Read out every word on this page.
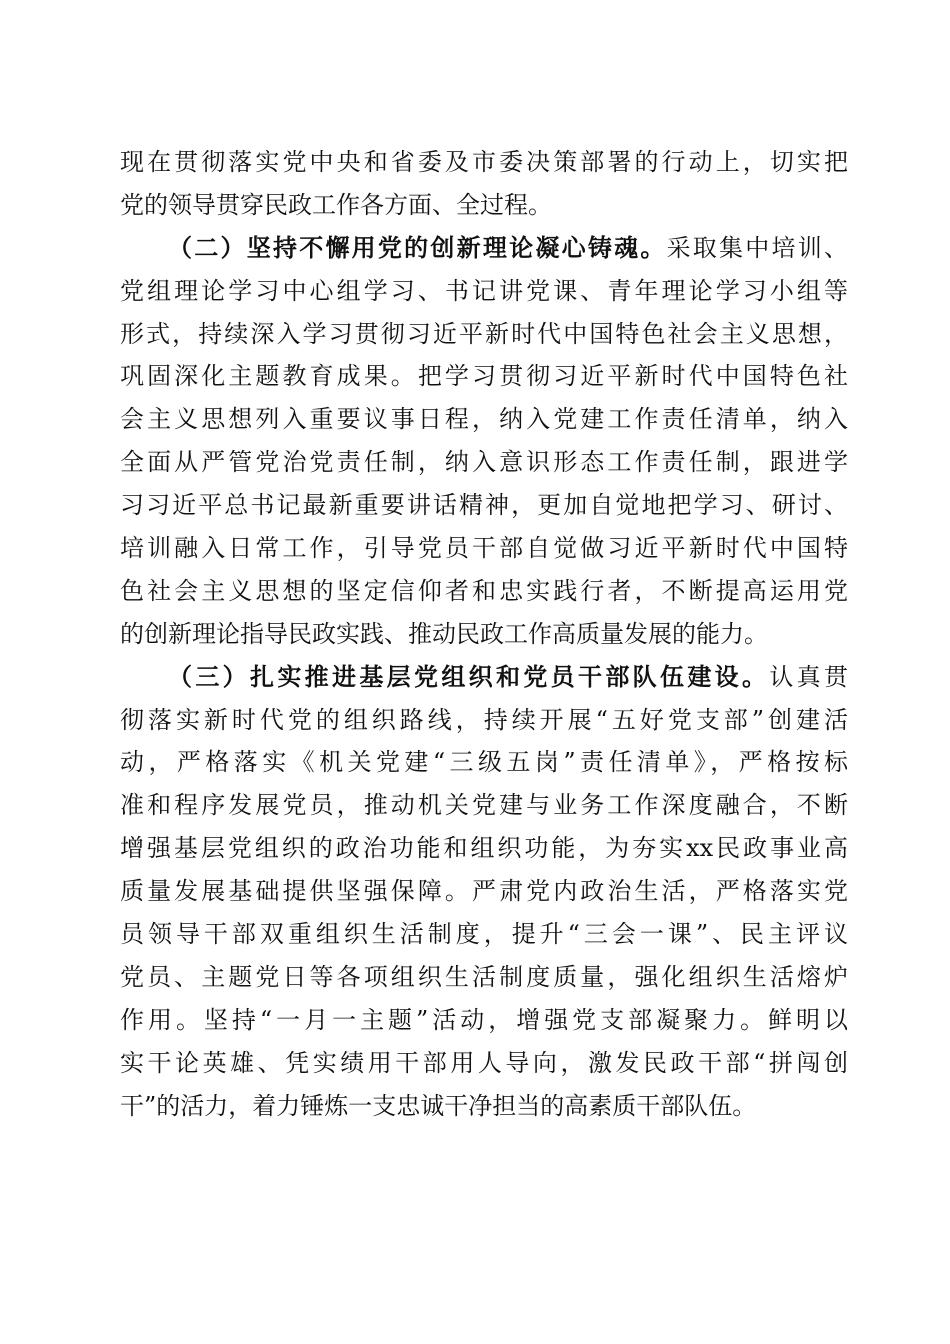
现在贯彻落实党中央和省委及市委决策部署的行动上，切实把
党的领导贯穿民政工作各方面、全过程。
（二）坚持不懈用党的创新理论凝心铸魂。采取集中培训、
党组理论学习中心组学习、书记讲党课、青年理论学习小组等
形式，持续深入学习贯彻习近平新时代中国特色社会主义思想，
巩固深化主题教育成果。把学习贯彻习近平新时代中国特色社
会主义思想列入重要议事日程，纳入党建工作责任清单，纳入
全面从严管党治党责任制，纳入意识形态工作责任制，跟进学
习习近平总书记最新重要讲话精神，更加自觉地把学习、研讨、
培训融入日常工作，引导党员干部自觉做习近平新时代中国特
色社会主义思想的坚定信仰者和忠实践行者，不断提高运用党
的创新理论指导民政实践、推动民政工作高质量发展的能力。
（三）扎实推进基层党组织和党员干部队伍建设。认真贯
彻落实新时代党的组织路线，持续开展“五好党支部”创建活
动，严格落实《机关党建“三级五岗”责任清单》，严格按标
准和程序发展党员，推动机关党建与业务工作深度融合，不断
增强基层党组织的政治功能和组织功能，为夯实xx民政事业高
质量发展基础提供坚强保障。严肃党内政治生活，严格落实党
员领导干部双重组织生活制度，提升“三会一课”、民主评议
党员、主题党日等各项组织生活制度质量，强化组织生活熔炉
作用。坚持“一月一主题”活动，增强党支部凝聚力。鲜明以
实干论英雄、凭实绩用干部用人导向，激发民政干部“拼闯创
干”的活力，着力锤炼一支忠诚干净担当的高素质干部队伍。
